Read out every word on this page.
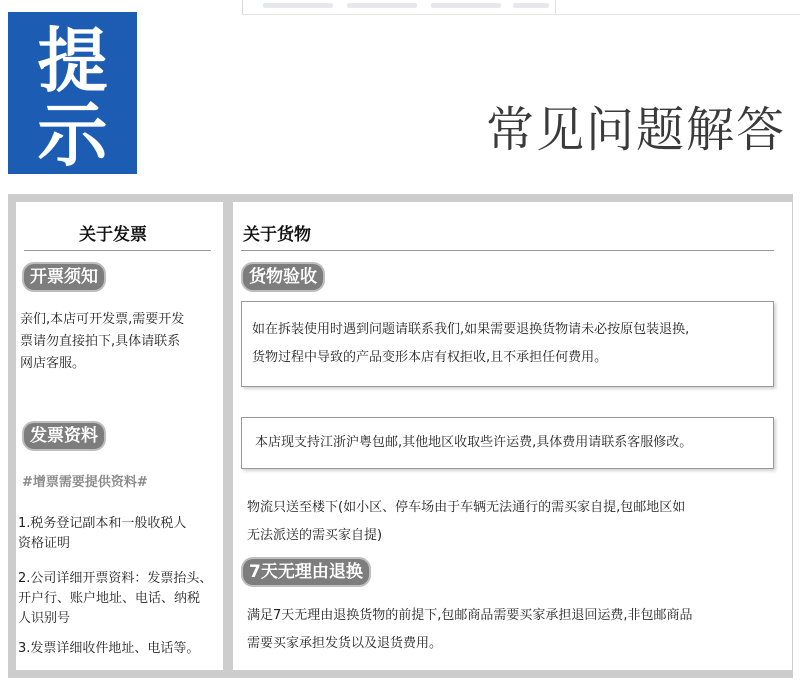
提
示	常见问题解答
关于发票
开票须知
亲们,本店可开发票,需要开发
票请勿直接拍下,具体请联系
网店客服。
发票资料
#增票需要提供资料#
1.税务登记副本和一般收税人
资格证明
2.公司详细开票资料：发票抬头、
开户行、账户地址、电话、纳税
人识别号
3.发票详细收件地址、电话等。
关于货物
货物验收
如在拆装使用时遇到问题请联系我们,如果需要退换货物请未必按原包装退换,
货物过程中导致的产品变形本店有权拒收,且不承担任何费用。
本店现支持江浙沪粤包邮,其他地区收取些许运费,具体费用请联系客服修改。
物流只送至楼下(如小区、停车场由于车辆无法通行的需买家自提,包邮地区如
无法派送的需买家自提)
7天无理由退换
满足7天无理由退换货物的前提下,包邮商品需要买家承担退回运费,非包邮商品
需要买家承担发货以及退货费用。
